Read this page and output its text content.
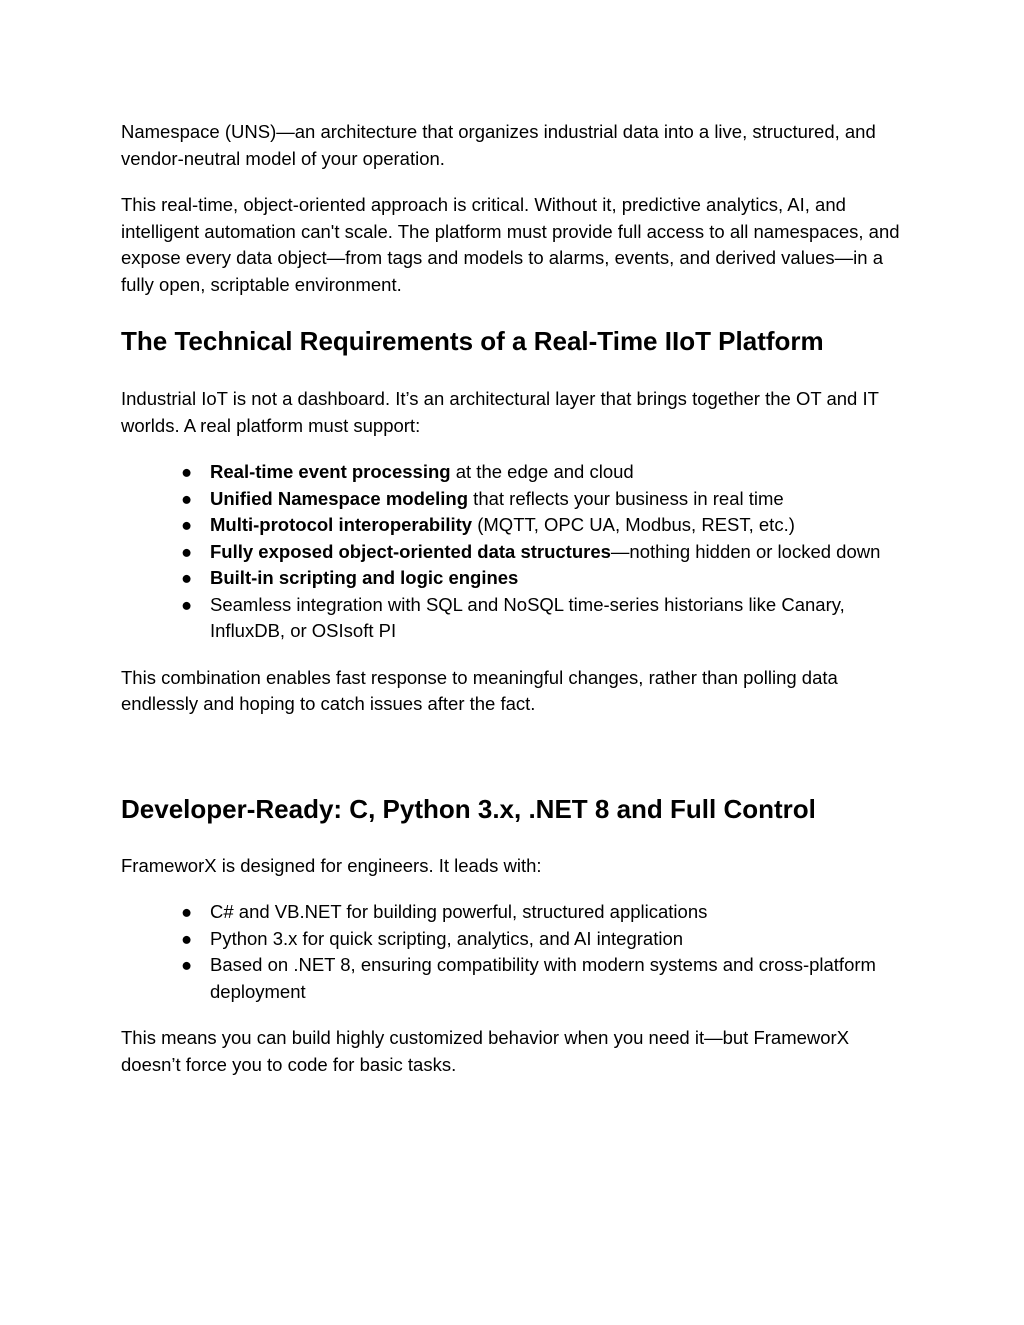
Namespace (UNS)—an architecture that organizes industrial data into a live, structured, and vendor-neutral model of your operation.

This real-time, object-oriented approach is critical. Without it, predictive analytics, AI, and intelligent automation can't scale. The platform must provide full access to all namespaces, and expose every data object—from tags and models to alarms, events, and derived values—in a fully open, scriptable environment.

The Technical Requirements of a Real-Time IIoT Platform

Industrial IoT is not a dashboard. It’s an architectural layer that brings together the OT and IT worlds. A real platform must support:

● Real-time event processing at the edge and cloud
● Unified Namespace modeling that reflects your business in real time
● Multi-protocol interoperability (MQTT, OPC UA, Modbus, REST, etc.)
● Fully exposed object-oriented data structures—nothing hidden or locked down
● Built-in scripting and logic engines
● Seamless integration with SQL and NoSQL time-series historians like Canary, InfluxDB, or OSIsoft PI

This combination enables fast response to meaningful changes, rather than polling data endlessly and hoping to catch issues after the fact.

Developer-Ready: C, Python 3.x, .NET 8 and Full Control

FrameworX is designed for engineers. It leads with:

● C# and VB.NET for building powerful, structured applications
● Python 3.x for quick scripting, analytics, and AI integration
● Based on .NET 8, ensuring compatibility with modern systems and cross-platform deployment

This means you can build highly customized behavior when you need it—but FrameworX doesn’t force you to code for basic tasks.
